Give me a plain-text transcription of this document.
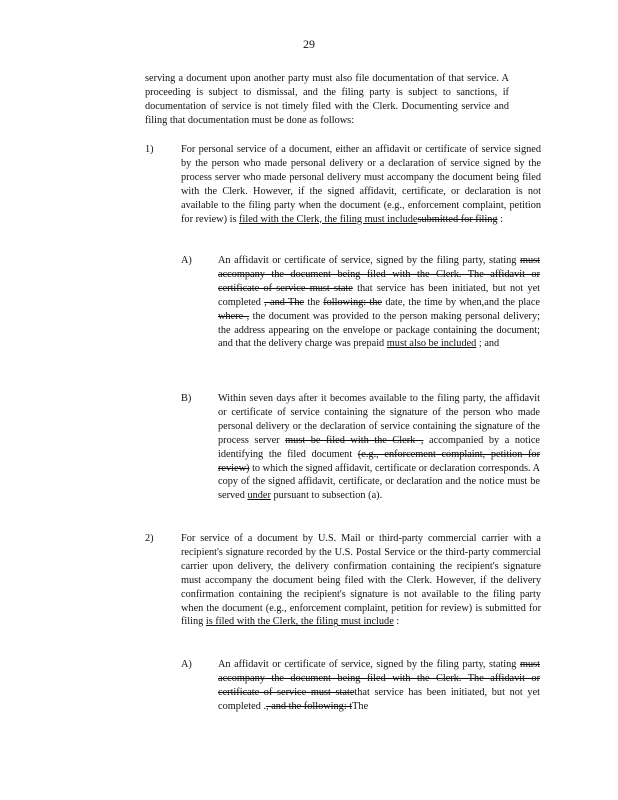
29

serving a document upon another party must also file documentation of that service. A proceeding is subject to dismissal, and the filing party is subject to sanctions, if documentation of service is not timely filed with the Clerk. Documenting service and filing that documentation must be done as follows:

1)	For personal service of a document, either an affidavit or certificate of service signed by the person who made personal delivery or a declaration of service signed by the process server who made personal delivery must accompany the document being filed with the Clerk. However, if the signed affidavit, certificate, or declaration is not available to the filing party when the document (e.g., enforcement complaint, petition for review) is filed with the Clerk, the filing must includesubmitted for filing :

A)	An affidavit or certificate of service, signed by the filing party, stating must accompany the document being filed with the Clerk. The affidavit or certificate of service must state that service has been initiated, but not yet completed , and The the following: the date, the time by when,and the place where , the document was provided to the person making personal delivery; the address appearing on the envelope or package containing the document; and that the delivery charge was prepaid must also be included ; and

B)	Within seven days after it becomes available to the filing party, the affidavit or certificate of service containing the signature of the person who made personal delivery or the declaration of service containing the signature of the process server must be filed with the Clerk , accompanied by a notice identifying the filed document (e.g., enforcement complaint, petition for review) to which the signed affidavit, certificate or declaration corresponds. A copy of the signed affidavit, certificate, or declaration and the notice must be served under pursuant to subsection (a).

2)	For service of a document by U.S. Mail or third-party commercial carrier with a recipient's signature recorded by the U.S. Postal Service or the third-party commercial carrier upon delivery, the delivery confirmation containing the recipient's signature must accompany the document being filed with the Clerk. However, if the delivery confirmation containing the recipient's signature is not available to the filing party when the document (e.g., enforcement complaint, petition for review) is submitted for filing is filed with the Clerk, the filing must include :

A)	An affidavit or certificate of service, signed by the filing party, stating must accompany the document being filed with the Clerk. The affidavit or certificate of service must statethat service has been initiated, but not yet completed ., and the following: tThe
